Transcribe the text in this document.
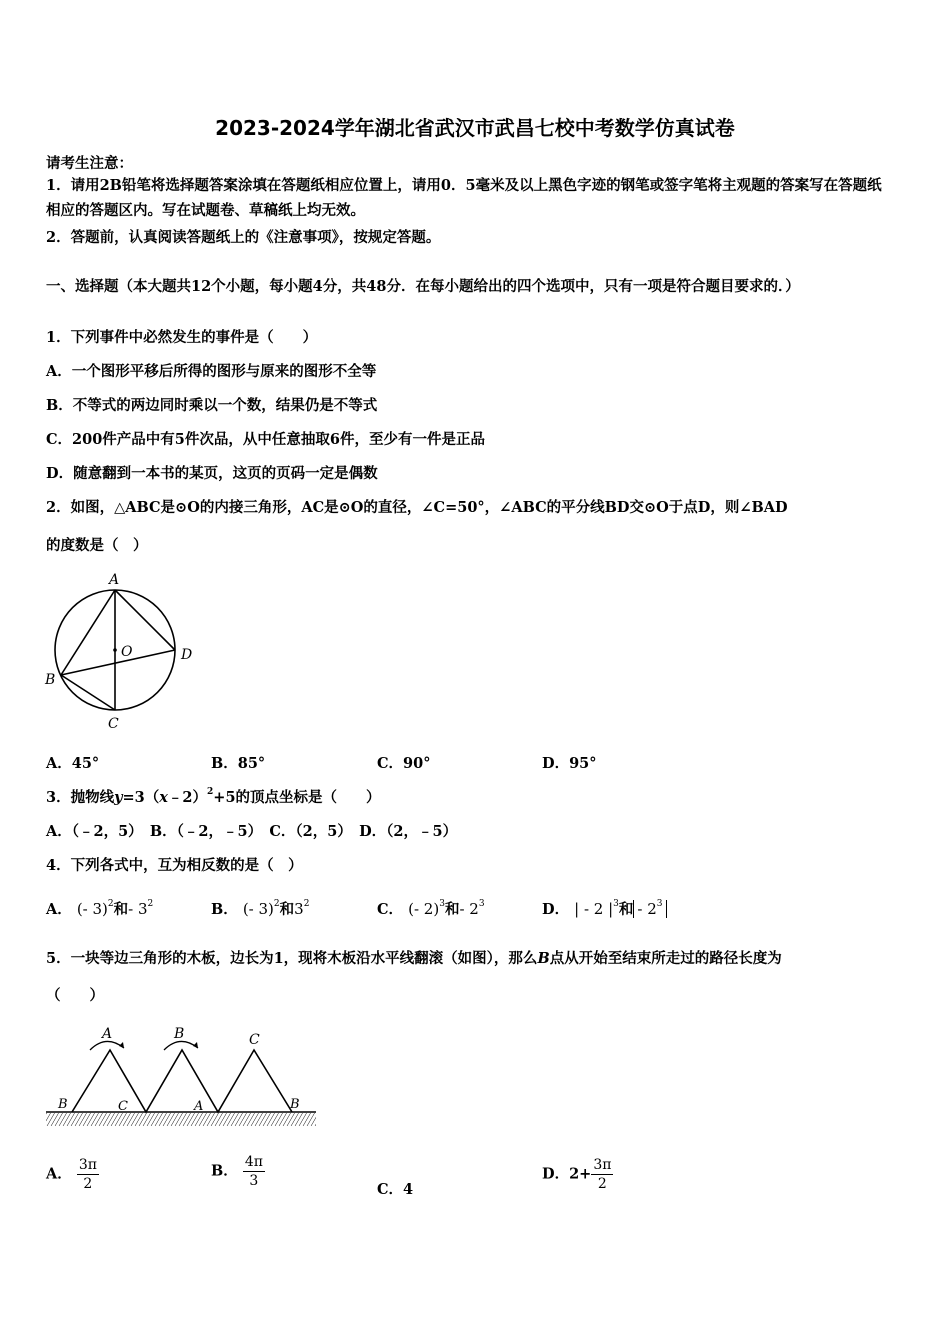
2023-2024学年湖北省武汉市武昌七校中考数学仿真试卷
请考生注意：
1．请用2B铅笔将选择题答案涂填在答题纸相应位置上，请用0．5毫米及以上黑色字迹的钢笔或签字笔将主观题的答案写在答题纸相应的答题区内。写在试题卷、草稿纸上均无效。
2．答题前，认真阅读答题纸上的《注意事项》，按规定答题。
一、选择题（本大题共12个小题，每小题4分，共48分．在每小题给出的四个选项中，只有一项是符合题目要求的．）
1．下列事件中必然发生的事件是（　　）
A．一个图形平移后所得的图形与原来的图形不全等
B．不等式的两边同时乘以一个数，结果仍是不等式
C．200件产品中有5件次品，从中任意抽取6件，至少有一件是正品
D．随意翻到一本书的某页，这页的页码一定是偶数
2．如图，△ABC是⊙O的内接三角形，AC是⊙O的直径，∠C=50°，∠ABC的平分线BD交⊙O于点D，则∠BAD
的度数是（　）
A
O	D
B
C
A．45°	B．85°	C．90°	D．95°
3．抛物线y=3（x﹣2）$^2$+5的顶点坐标是（　　）
A．（﹣2，5）　B．（﹣2，﹣5）　C．（2，5）　D．（2，﹣5）
4．下列各式中，互为相反数的是（　）
A． (- 3)$^2$和- $3^2$	B． (- 3)$^2$和$3^2$	C． (- 2)$^3$和- $2^3$	D． | - 2 $|^3$和 - $2^3$
5．一块等边三角形的木板，边长为1，现将木板沿水平线翻滚（如图），那么B点从开始至结束所走过的路径长度为
（　　）
A	B	C
B	C	A	B
A． $\frac{3\pi}{2}$	B． $\frac{4\pi}{3}$	C．4
D．$2+ \frac{3\pi}{2}$
